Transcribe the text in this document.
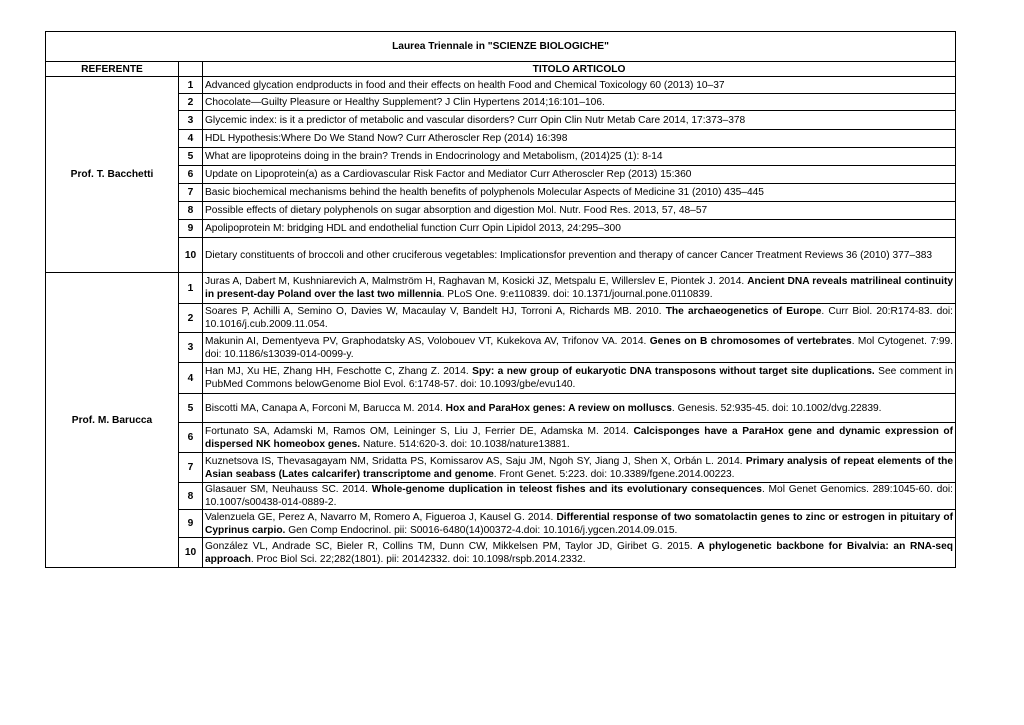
Laurea Triennale in "SCIENZE BIOLOGICHE"		
REFERENTE		TITOLO ARTICOLO
Prof. T. Bacchetti	1	Advanced glycation endproducts in food and their effects on health Food and Chemical Toxicology 60 (2013) 10–37
	2	Chocolate—Guilty Pleasure or Healthy Supplement? J Clin Hypertens 2014;16:101–106.
	3	Glycemic index: is it a predictor of metabolic and vascular disorders? Curr Opin Clin Nutr Metab Care 2014, 17:373–378
	4	HDL Hypothesis:Where Do We Stand Now? Curr Atheroscler Rep (2014) 16:398
	5	What are lipoproteins doing in the brain? Trends in Endocrinology and Metabolism, (2014)25 (1): 8-14
	6	Update on Lipoprotein(a) as a Cardiovascular Risk Factor and Mediator Curr Atheroscler Rep (2013) 15:360
	7	Basic biochemical mechanisms behind the health benefits of polyphenols Molecular Aspects of Medicine 31 (2010) 435–445
	8	Possible effects of dietary polyphenols on sugar absorption and digestion Mol. Nutr. Food Res. 2013, 57, 48–57
	9	Apolipoprotein M: bridging HDL and endothelial function Curr Opin Lipidol 2013, 24:295–300
	10	Dietary constituents of broccoli and other cruciferous vegetables: Implicationsfor prevention and therapy of cancer Cancer Treatment Reviews 36 (2010) 377–383
Prof. M. Barucca	1	Juras A, Dabert M, Kushniarevich A, Malmström H, Raghavan M, Kosicki JZ, Metspalu E, Willerslev E, Piontek J. 2014. Ancient DNA reveals matrilineal continuity in present-day Poland over the last two millennia. PLoS One. 9:e110839. doi: 10.1371/journal.pone.0110839.
	2	Soares P, Achilli A, Semino O, Davies W, Macaulay V, Bandelt HJ, Torroni A, Richards MB. 2010. The archaeogenetics of Europe. Curr Biol. 20:R174-83. doi: 10.1016/j.cub.2009.11.054.
	3	Makunin AI, Dementyeva PV, Graphodatsky AS, Volobouev VT, Kukekova AV, Trifonov VA. 2014. Genes on B chromosomes of vertebrates. Mol Cytogenet. 7:99. doi: 10.1186/s13039-014-0099-y.
	4	Han MJ, Xu HE, Zhang HH, Feschotte C, Zhang Z. 2014. Spy: a new group of eukaryotic DNA transposons without target site duplications. See comment in PubMed Commons belowGenome Biol Evol. 6:1748-57. doi: 10.1093/gbe/evu140.
	5	Biscotti MA, Canapa A, Forconi M, Barucca M. 2014. Hox and ParaHox genes: A review on molluscs. Genesis. 52:935-45. doi: 10.1002/dvg.22839.
	6	Fortunato SA, Adamski M, Ramos OM, Leininger S, Liu J, Ferrier DE, Adamska M. 2014. Calcisponges have a ParaHox gene and dynamic expression of dispersed NK homeobox genes. Nature. 514:620-3. doi: 10.1038/nature13881.
	7	Kuznetsova IS, Thevasagayam NM, Sridatta PS, Komissarov AS, Saju JM, Ngoh SY, Jiang J, Shen X, Orbán L. 2014. Primary analysis of repeat elements of the Asian seabass (Lates calcarifer) transcriptome and genome. Front Genet. 5:223. doi: 10.3389/fgene.2014.00223.
	8	Glasauer SM, Neuhauss SC. 2014. Whole-genome duplication in teleost fishes and its evolutionary consequences. Mol Genet Genomics. 289:1045-60. doi: 10.1007/s00438-014-0889-2.
	9	Valenzuela GE, Perez A, Navarro M, Romero A, Figueroa J, Kausel G. 2014. Differential response of two somatolactin genes to zinc or estrogen in pituitary of Cyprinus carpio. Gen Comp Endocrinol. pii: S0016-6480(14)00372-4.doi: 10.1016/j.ygcen.2014.09.015.
	10	González VL, Andrade SC, Bieler R, Collins TM, Dunn CW, Mikkelsen PM, Taylor JD, Giribet G. 2015. A phylogenetic backbone for Bivalvia: an RNA-seq approach. Proc Biol Sci. 22;282(1801). pii: 20142332. doi: 10.1098/rspb.2014.2332.
